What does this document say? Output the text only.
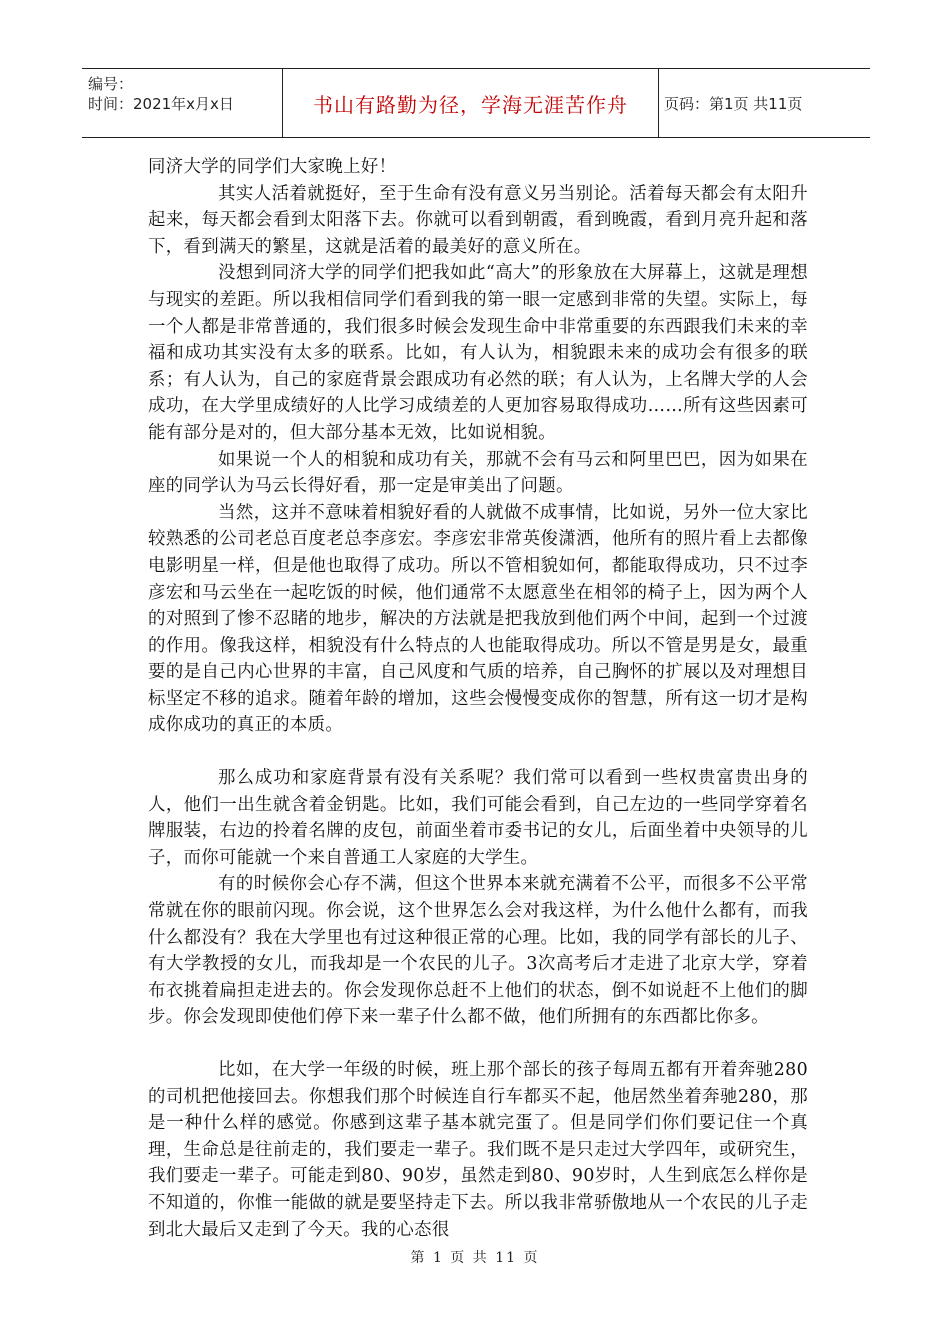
编号：
时间：2021年x月x日	书山有路勤为径，学海无涯苦作舟	页码：第1页 共11页

同济大学的同学们大家晚上好！

其实人活着就挺好，至于生命有没有意义另当别论。活着每天都会有太阳升起来，每天都会看到太阳落下去。你就可以看到朝霞，看到晚霞，看到月亮升起和落下，看到满天的繁星，这就是活着的最美好的意义所在。

没想到同济大学的同学们把我如此“高大”的形象放在大屏幕上，这就是理想与现实的差距。所以我相信同学们看到我的第一眼一定感到非常的失望。实际上，每一个人都是非常普通的，我们很多时候会发现生命中非常重要的东西跟我们未来的幸福和成功其实没有太多的联系。比如，有人认为，相貌跟未来的成功会有很多的联系；有人认为，自己的家庭背景会跟成功有必然的联；有人认为，上名牌大学的人会成功，在大学里成绩好的人比学习成绩差的人更加容易取得成功……所有这些因素可能有部分是对的，但大部分基本无效，比如说相貌。

如果说一个人的相貌和成功有关，那就不会有马云和阿里巴巴，因为如果在座的同学认为马云长得好看，那一定是审美出了问题。

当然，这并不意味着相貌好看的人就做不成事情，比如说，另外一位大家比较熟悉的公司老总百度老总李彦宏。李彦宏非常英俊潇洒，他所有的照片看上去都像电影明星一样，但是他也取得了成功。所以不管相貌如何，都能取得成功，只不过李彦宏和马云坐在一起吃饭的时候，他们通常不太愿意坐在相邻的椅子上，因为两个人的对照到了惨不忍睹的地步，解决的方法就是把我放到他们两个中间，起到一个过渡的作用。像我这样，相貌没有什么特点的人也能取得成功。所以不管是男是女，最重要的是自己内心世界的丰富，自己风度和气质的培养，自己胸怀的扩展以及对理想目标坚定不移的追求。随着年龄的增加，这些会慢慢变成你的智慧，所有这一切才是构成你成功的真正的本质。

那么成功和家庭背景有没有关系呢？我们常可以看到一些权贵富贵出身的人，他们一出生就含着金钥匙。比如，我们可能会看到，自己左边的一些同学穿着名牌服装，右边的拎着名牌的皮包，前面坐着市委书记的女儿，后面坐着中央领导的儿子，而你可能就一个来自普通工人家庭的大学生。

有的时候你会心存不满，但这个世界本来就充满着不公平，而很多不公平常常就在你的眼前闪现。你会说，这个世界怎么会对我这样，为什么他什么都有，而我什么都没有？我在大学里也有过这种很正常的心理。比如，我的同学有部长的儿子、有大学教授的女儿，而我却是一个农民的儿子。3次高考后才走进了北京大学，穿着布衣挑着扁担走进去的。你会发现你总赶不上他们的状态，倒不如说赶不上他们的脚步。你会发现即使他们停下来一辈子什么都不做，他们所拥有的东西都比你多。

比如，在大学一年级的时候，班上那个部长的孩子每周五都有开着奔驰280的司机把他接回去。你想我们那个时候连自行车都买不起，他居然坐着奔驰280，那是一种什么样的感觉。你感到这辈子基本就完蛋了。但是同学们你们要记住一个真理，生命总是往前走的，我们要走一辈子。我们既不是只走过大学四年，或研究生，我们要走一辈子。可能走到80、90岁，虽然走到80、90岁时，人生到底怎么样你是不知道的，你惟一能做的就是要坚持走下去。所以我非常骄傲地从一个农民的儿子走到北大最后又走到了今天。我的心态很

第 1 页 共 11 页
